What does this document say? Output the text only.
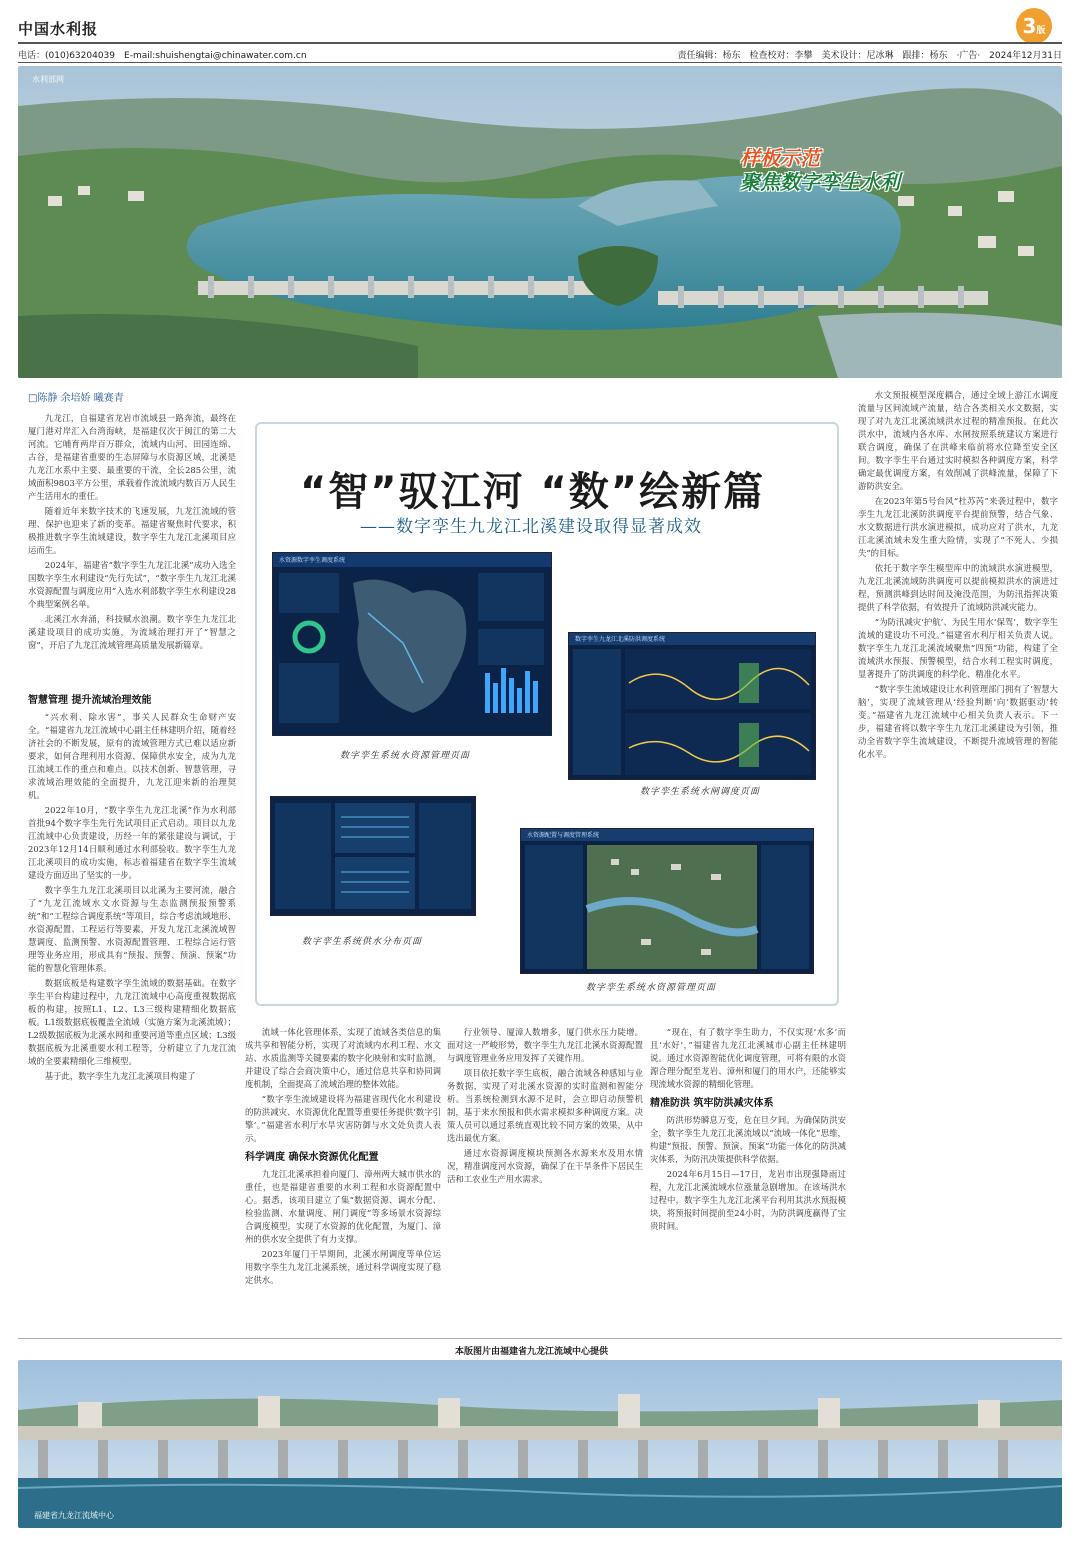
中国水利报	3版
电话：(010)63204039　E-mail:shuishengtai@chinawater.com.cn	责任编辑：杨东　检查校对：李攀　美术设计：尼冰琳　跟排：杨东　·广告·　2024年12月31日
水利部网
样板示范
聚焦数字孪生水利
□陈静 余培娇 曦赛青

九龙江，自福建省龙岩市流域县一路奔流，最终在厦门港对岸汇入台湾海峡，是福建仅次于闽江的第二大河流。它哺育两岸百万群众，流域内山河、田园连绵、古谷，是福建省重要的生态屏障与水资源区域，北溪是九龙江水系中主要、最重要的干流，全长285公里，流域面积9803平方公里，承载着作流流域内数百万人民生产生活用水的重任。

随着近年来数字技术的飞速发展，九龙江流域的管理、保护也迎来了新的变革。福建省聚焦时代要求，积极推进数字孪生流域建设，数字孪生九龙江北溪项目应运而生。

2024年，福建省“数字孪生九龙江北溪”成功入选全国数字孪生水利建设“先行先试”，“数字孪生九龙江北溪水资源配置与调度应用”入选水利部数字孪生水利建设28个典型案例名单。

北溪江水奔涌，科技赋水浪潮。数字孪生九龙江北溪建设项目的成功实施，为流域治理打开了“智慧之窗”，开启了九龙江流域管理高质量发展新篇章。

智慧管理 提升流域治理效能

“兴水利、除水害”，事关人民群众生命财产安全。“福建省九龙江流域中心副主任林建明介绍，随着经济社会的不断发展，原有的流域管理方式已难以适应新要求，如何合理利用水资源、保障供水安全，成为九龙江流域工作的重点和难点。以技术创新、智慧管理，寻求流域治理效能的全面提升，九龙江迎来新的治理契机。

2022年10月，“数字孪生九龙江北溪”作为水利部首批94个数字孪生先行先试项目正式启动。项目以九龙江流域中心负责建设，历经一年的紧张建设与调试，于2023年12月14日顺利通过水利部验收。数字孪生九龙江北溪项目的成功实施，标志着福建省在数字孪生流域建设方面迈出了坚实的一步。

数字孪生九龙江北溪项目以北溪为主要河流，融合了“九龙江流域水文水资源与生态监测预报预警系统”和“工程综合调度系统”等项目，综合考虑流域地形、水资源配置、工程运行等要素，开发九龙江北溪流域智慧调度、监测预警、水资源配置管理、工程综合运行管理等业务应用，形成具有“预报、预警、预演、预案”功能的智慧化管理体系。

数据底板是构建数字孪生流域的数据基础。在数字孪生平台构建过程中，九龙江流域中心高度重视数据底板的构建，按照L1、L2、L3三级构建精细化数据底板。L1级数据底板覆盖全流域（实施方案为北溪流域）；L2级数据底板为北溪水网和重要河道等重点区域；L3级数据底板为北溪重要水利工程等，分析建立了九龙江流域的全要素精细化三维模型。

基于此，数字孪生九龙江北溪项目构建了

“智”驭江河 “数”绘新篇
——数字孪生九龙江北溪建设取得显著成效
水资源数字孪生调度系统
数字孪生系统水资源管理页面
数字孪生九龙江北溪防洪调度系统
数字孪生系统水闸调度页面
数字孪生系统供水分布页面
水资源配置与调度管理系统
数字孪生系统水资源管理页面

流域一体化管理体系，实现了流域各类信息的集成共享和智能分析，实现了对流域内水利工程、水文站、水质监测等关键要素的数字化映射和实时监测，并建设了综合会商决策中心，通过信息共享和协同调度机制，全面提高了流域治理的整体效能。

“数字孪生流域建设将为福建省现代化水利建设的防洪减灾、水资源优化配置等重要任务提供‘数字引擎’。”福建省水利厅水旱灾害防御与水文处负责人表示。

科学调度 确保水资源优化配置

九龙江北溪承担着向厦门、漳州两大城市供水的重任，也是福建省重要的水利工程和水资源配置中心。据悉，该项目建立了集“数据资源、调水分配、检验监测、水量调度、闸门调度”等多场景水资源综合调度模型，实现了水资源的优化配置，为厦门、漳州的供水安全提供了有力支撑。

2023年厦门干旱期间，北溪水闸调度等单位运用数字孪生九龙江北溪系统，通过科学调度实现了稳定供水。

行业领导、厦漳人数增多，厦门供水压力陡增。面对这一严峻形势，数字孪生九龙江北溪水资源配置与调度管理业务应用发挥了关键作用。

项目依托数字孪生底板，融合流域各种感知与业务数据，实现了对北溪水资源的实时监测和智能分析。当系统检测到水源不足时，会立即启动预警机制，基于来水预报和供水需求模拟多种调度方案。决策人员可以通过系统直观比较不同方案的效果，从中选出最优方案。

通过水资源调度模块预测各水源来水及用水情况，精准调度河水资源，确保了在干旱条件下居民生活和工农业生产用水需求。

“现在，有了数字孪生助力，不仅实现‘水多’而且‘水好’，”福建省九龙江北溪城市心副主任林建明说。通过水资源智能优化调度管理，可将有限的水资源合理分配至龙岩、漳州和厦门的用水户，还能够实现流域水资源的精细化管理。

精准防洪 筑牢防洪减灾体系

防洪形势瞬息万变，危在旦夕间。为确保防洪安全，数字孪生九龙江北溪流域以“流域一体化”思维，构建“预报、预警、预演、预案”功能一体化的防洪减灾体系，为防汛决策提供科学依据。

2024年6月15日—17日，龙岩市出现强降雨过程，九龙江北溪流域水位涨量急剧增加。在该场洪水过程中，数字孪生九龙江北溪平台利用其洪水预报模块，将预报时间提前至24小时，为防洪调度赢得了宝贵时间。

水文预报模型深度耦合，通过全域上游江水调度流量与区间流域产流量，结合各类相关水文数据，实现了对九龙江北溪流域洪水过程的精准预报。在此次洪水中，流域内各水库、水闸按照系统建议方案进行联合调度，确保了在洪峰来临前将水位降至安全区间。数字孪生平台通过实时模拟各种调度方案，科学确定最优调度方案，有效削减了洪峰流量，保障了下游防洪安全。

在2023年第5号台风“杜苏芮”来袭过程中，数字孪生九龙江北溪防洪调度平台提前预警，结合气象、水文数据进行洪水演进模拟，成功应对了洪水，九龙江北溪流域未发生重大险情，实现了“不死人、少损失”的目标。

依托于数字孪生模型库中的流域洪水演进模型，九龙江北溪流域防洪调度可以提前模拟洪水的演进过程，预测洪峰到达时间及淹没范围，为防汛指挥决策提供了科学依据，有效提升了流域防洪减灾能力。

“为防汛减灾‘护航’、为民生用水‘保驾’，数字孪生流域的建设功不可没。”福建省水利厅相关负责人说。数字孪生九龙江北溪流域聚焦“四预”功能，构建了全流域洪水预报、预警模型，结合水利工程实时调度，显著提升了防洪调度的科学化、精准化水平。

“数字孪生流域建设让水利管理部门拥有了‘智慧大脑’，实现了流域管理从‘经验判断’向‘数据驱动’转变。”福建省九龙江流域中心相关负责人表示。下一步，福建省将以数字孪生九龙江北溪建设为引领，推动全省数字孪生流域建设，不断提升流域管理的智能化水平。

本版图片由福建省九龙江流域中心提供
福建省九龙江流域中心
